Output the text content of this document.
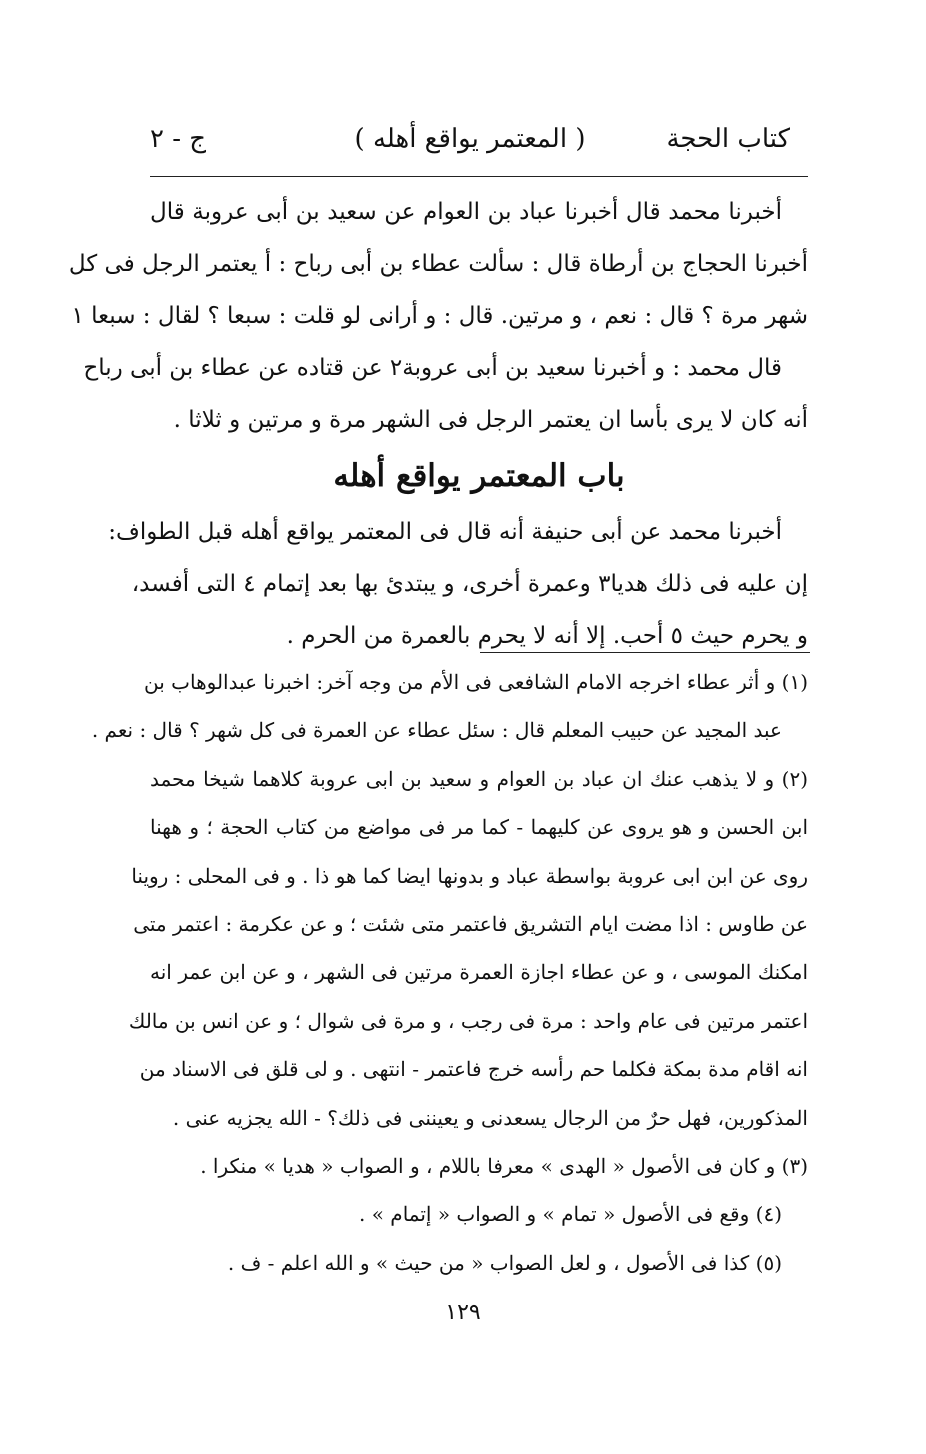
كتاب الحجة
( المعتمر يواقع أهله )
ج - ٢
أخبرنا محمد قال أخبرنا عباد بن العوام عن سعيد بن أبى عروبة قال
أخبرنا الحجاج بن أرطاة قال : سألت عطاء بن أبى رباح : أ يعتمر الرجل فى كل
شهر مرة ؟ قال : نعم ، و مرتين. قال : و أرانى لو قلت : سبعا ؟ لقال : سبعا ١
قال محمد : و أخبرنا سعيد بن أبى عروبة٢ عن قتاده عن عطاء بن أبى رباح
أنه كان لا يرى بأسا ان يعتمر الرجل فى الشهر مرة و مرتين و ثلاثا .
باب المعتمر يواقع أهله
أخبرنا محمد عن أبى حنيفة أنه قال فى المعتمر يواقع أهله قبل الطواف:
إن عليه فى ذلك هديا٣ وعمرة أخرى، و يبتدئ بها بعد إتمام ٤ التى أفسد،
و يحرم حيث ٥ أحب. إلا أنه لا يحرم بالعمرة من الحرم .
(١) و أثر عطاء اخرجه الامام الشافعى فى الأم من وجه آخر: اخبرنا عبدالوهاب بن
عبد المجيد عن حبيب المعلم قال : سئل عطاء عن العمرة فى كل شهر ؟ قال : نعم .
(٢) و لا يذهب عنك ان عباد بن العوام و سعيد بن ابى عروبة كلاهما شيخا محمد
ابن الحسن و هو يروى عن كليهما - كما مر فى مواضع من كتاب الحجة ؛ و ههنا
روى عن ابن ابى عروبة بواسطة عباد و بدونها ايضا كما هو ذا . و فى المحلى : روينا
عن طاوس : اذا مضت ايام التشريق فاعتمر متى شئت ؛ و عن عكرمة : اعتمر متى
امكنك الموسى ، و عن عطاء اجازة العمرة مرتين فى الشهر ، و عن ابن عمر انه
اعتمر مرتين فى عام واحد : مرة فى رجب ، و مرة فى شوال ؛ و عن انس بن مالك
انه اقام مدة بمكة فكلما حم رأسه خرج فاعتمر - انتهى . و لى قلق فى الاسناد من
المذكورين، فهل حرٌ من الرجال يسعدنى و يعيننى فى ذلك؟ - الله يجزيه عنى .
(٣) و كان فى الأصول « الهدى » معرفا باللام ، و الصواب « هديا » منكرا .
(٤) وقع فى الأصول « تمام » و الصواب « إتمام » .
(٥) كذا فى الأصول ، و لعل الصواب « من حيث » و الله اعلم - ف .
١٢٩
